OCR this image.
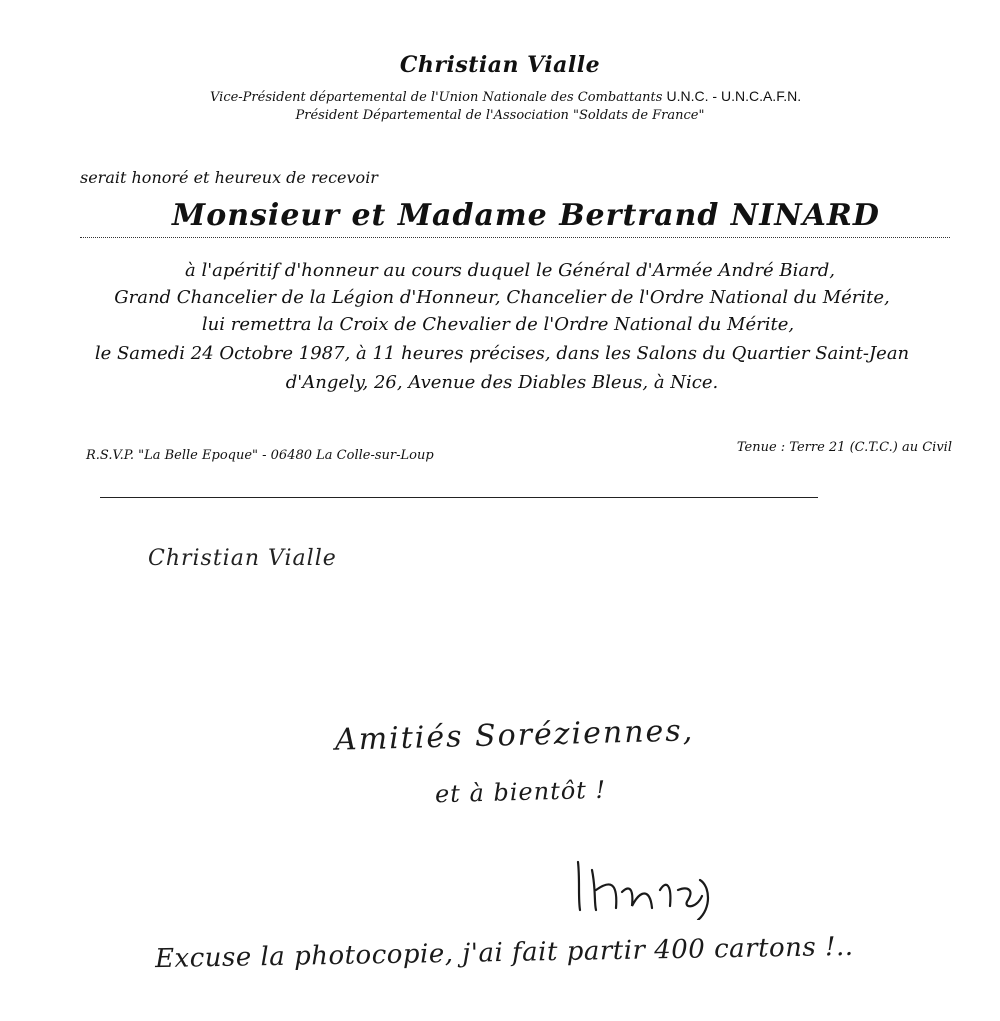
Christian Vialle
Vice-Président départemental de l'Union Nationale des Combattants U.N.C. - U.N.C.A.F.N.
Président Départemental de l'Association "Soldats de France"
serait honoré et heureux de recevoir
Monsieur et Madame Bertrand NINARD
à l'apéritif d'honneur au cours duquel le Général d'Armée André Biard,
Grand Chancelier de la Légion d'Honneur, Chancelier de l'Ordre National du Mérite,
lui remettra la Croix de Chevalier de l'Ordre National du Mérite,
le Samedi 24 Octobre 1987, à 11 heures précises, dans les Salons du Quartier Saint-Jean
d'Angely, 26, Avenue des Diables Bleus, à Nice.
R.S.V.P. "La Belle Epoque" - 06480 La Colle-sur-Loup
Tenue : Terre 21 (C.T.C.) au Civil
Christian Vialle
Amitiés Soréziennes,
et à bientôt !
Excuse la photocopie, j'ai fait partir 400 cartons !..
